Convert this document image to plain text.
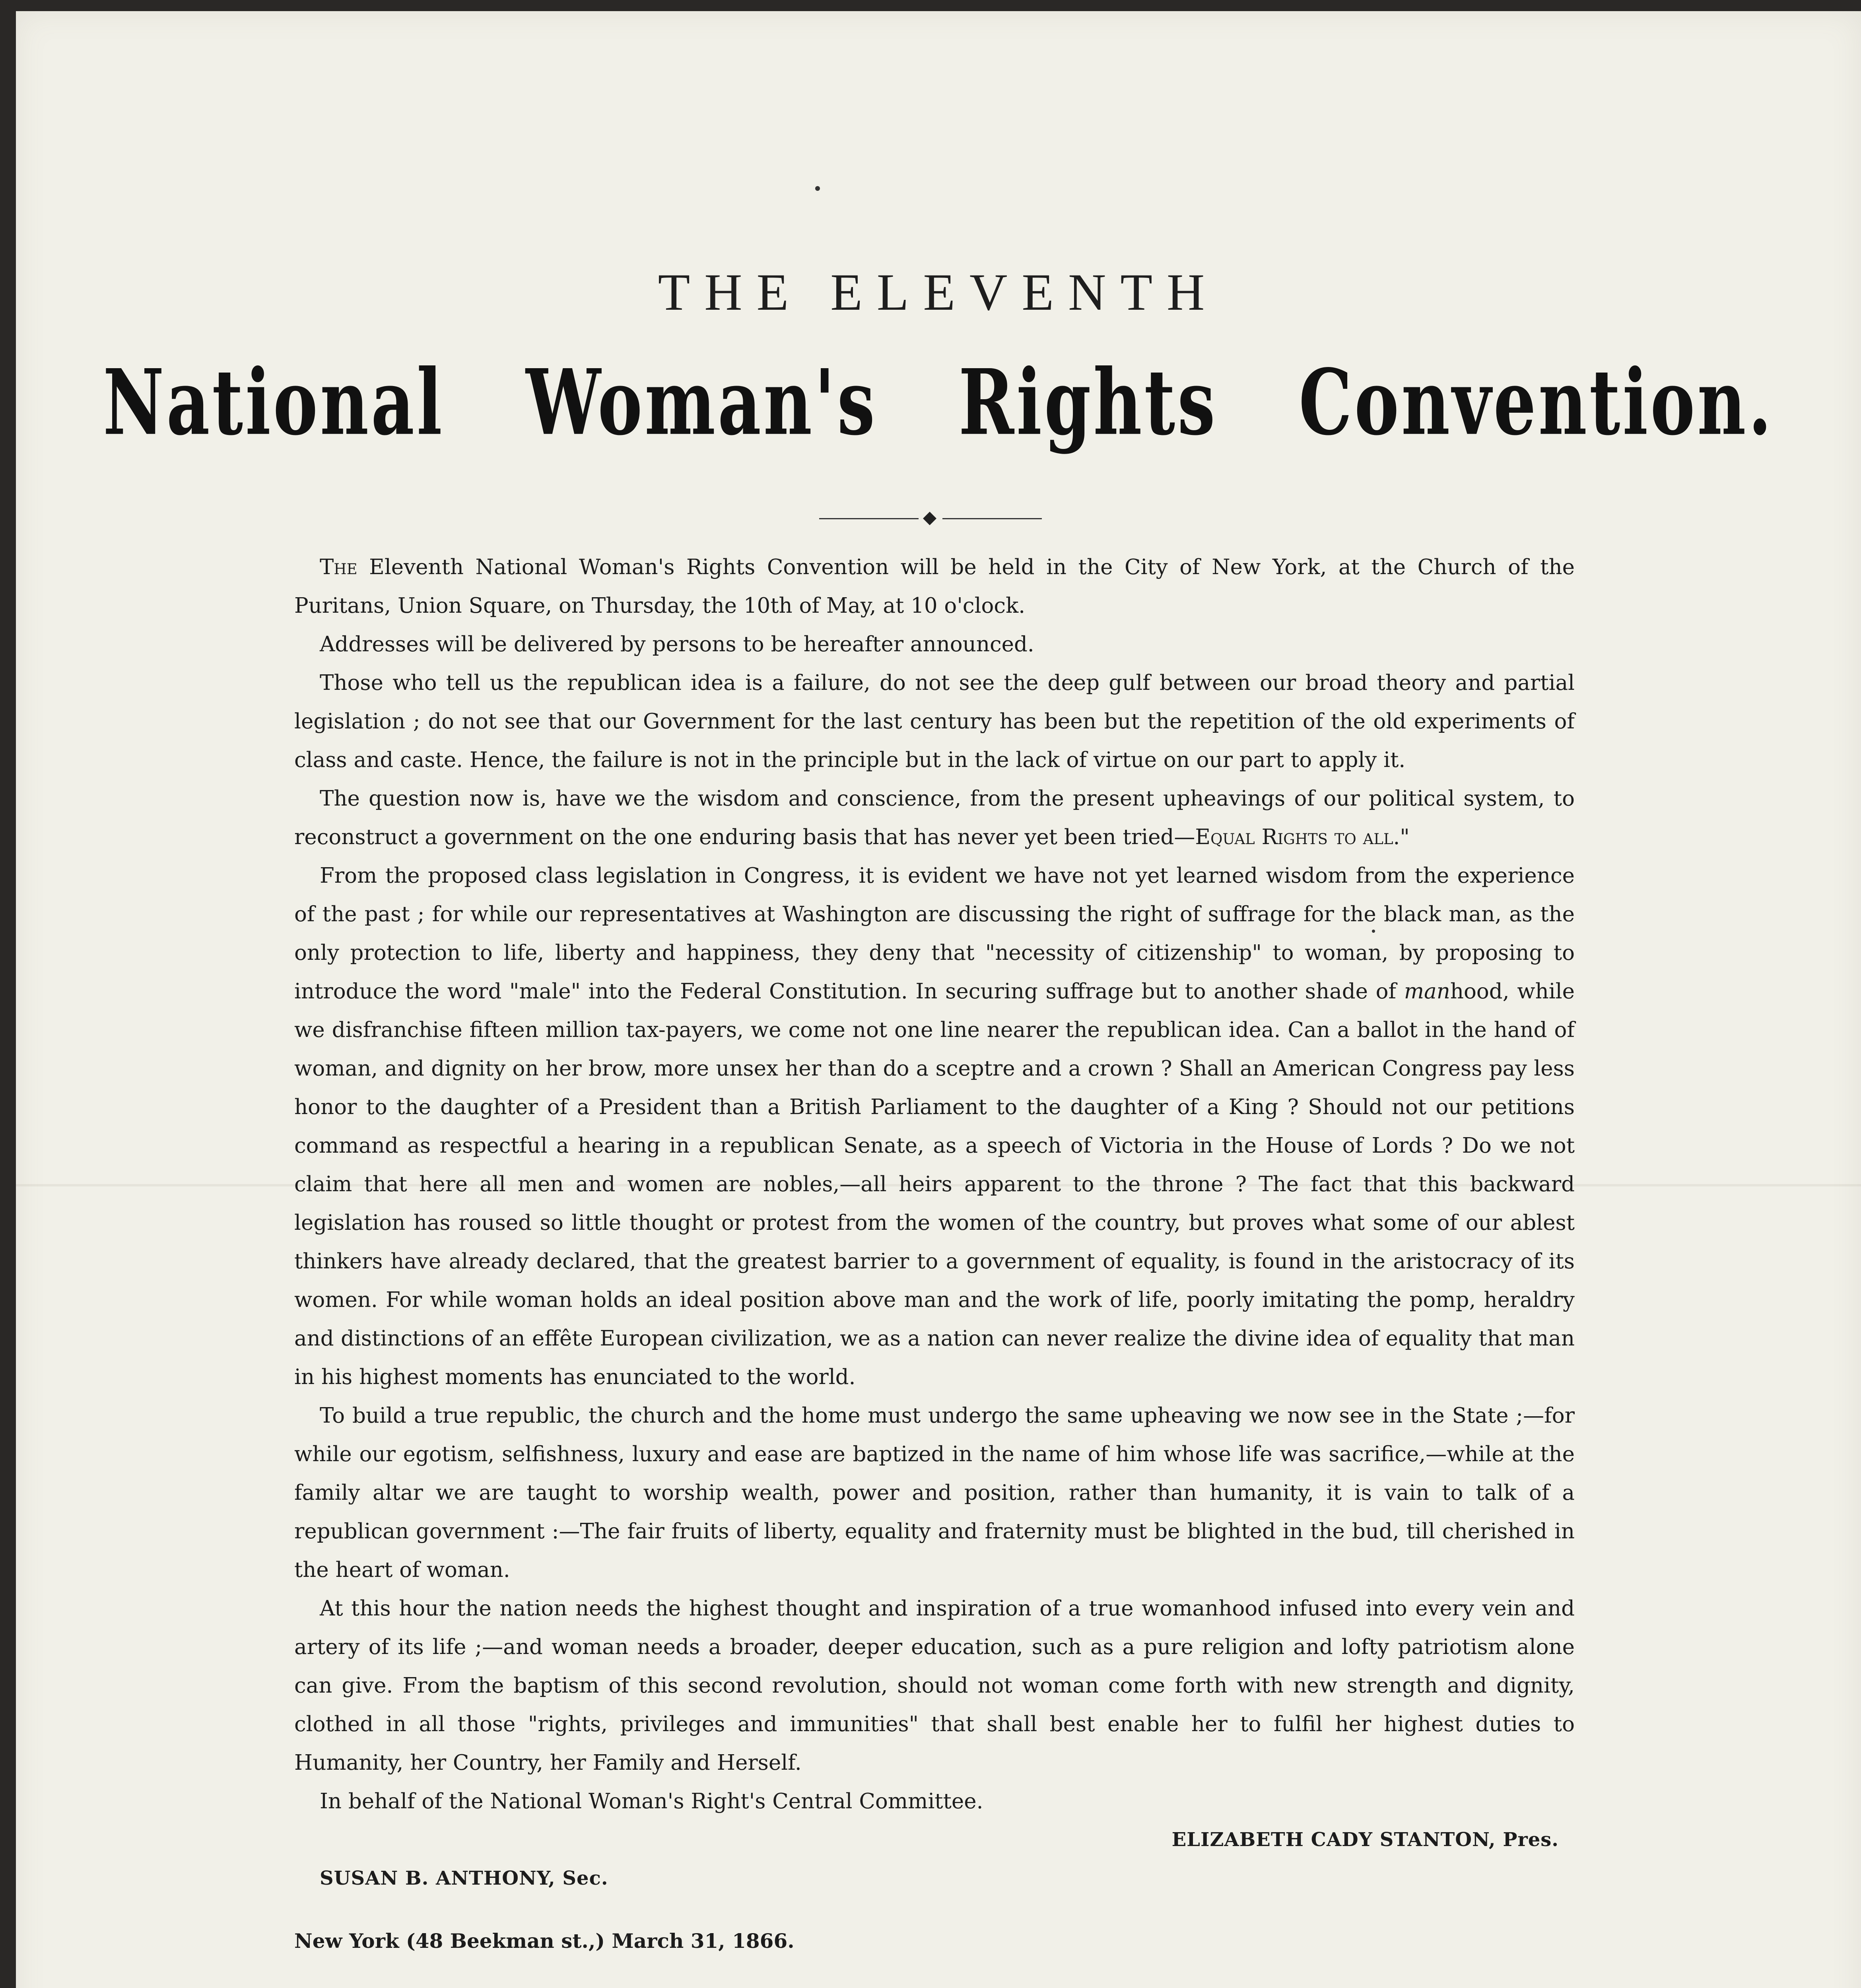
THE ELEVENTH
National Woman's Rights Convention.

The Eleventh National Woman's Rights Convention will be held in the City of New York, at the Church of the Puritans, Union Square, on Thursday, the 10th of May, at 10 o'clock.

Addresses will be delivered by persons to be hereafter announced.

Those who tell us the republican idea is a failure, do not see the deep gulf between our broad theory and partial legislation ; do not see that our Government for the last century has been but the repetition of the old experiments of class and caste. Hence, the failure is not in the principle but in the lack of virtue on our part to apply it.

The question now is, have we the wisdom and conscience, from the present upheavings of our political system, to reconstruct a government on the one enduring basis that has never yet been tried—Equal Rights to all."

From the proposed class legislation in Congress, it is evident we have not yet learned wisdom from the experience of the past ; for while our representatives at Washington are discussing the right of suffrage for the black man, as the only protection to life, liberty and happiness, they deny that "necessity of citizenship" to woman, by proposing to introduce the word "male" into the Federal Constitution. In securing suffrage but to another shade of manhood, while we disfranchise fifteen million tax-payers, we come not one line nearer the republican idea. Can a ballot in the hand of woman, and dignity on her brow, more unsex her than do a sceptre and a crown ? Shall an American Congress pay less honor to the daughter of a President than a British Parliament to the daughter of a King ? Should not our petitions command as respectful a hearing in a republican Senate, as a speech of Victoria in the House of Lords ? Do we not claim that here all men and women are nobles,—all heirs apparent to the throne ? The fact that this backward legislation has roused so little thought or protest from the women of the country, but proves what some of our ablest thinkers have already declared, that the greatest barrier to a government of equality, is found in the aristocracy of its women. For while woman holds an ideal position above man and the work of life, poorly imitating the pomp, heraldry and distinctions of an effête European civilization, we as a nation can never realize the divine idea of equality that man in his highest moments has enunciated to the world.

To build a true republic, the church and the home must undergo the same upheaving we now see in the State ;—for while our egotism, selfishness, luxury and ease are baptized in the name of him whose life was sacrifice,—while at the family altar we are taught to worship wealth, power and position, rather than humanity, it is vain to talk of a republican government :—The fair fruits of liberty, equality and fraternity must be blighted in the bud, till cherished in the heart of woman.

At this hour the nation needs the highest thought and inspiration of a true womanhood infused into every vein and artery of its life ;—and woman needs a broader, deeper education, such as a pure religion and lofty patriotism alone can give. From the baptism of this second revolution, should not woman come forth with new strength and dignity, clothed in all those "rights, privileges and immunities" that shall best enable her to fulfil her highest duties to Humanity, her Country, her Family and Herself.

In behalf of the National Woman's Right's Central Committee.

ELIZABETH CADY STANTON, Pres.

SUSAN B. ANTHONY, Sec.

New York (48 Beekman st.,) March 31, 1866.
